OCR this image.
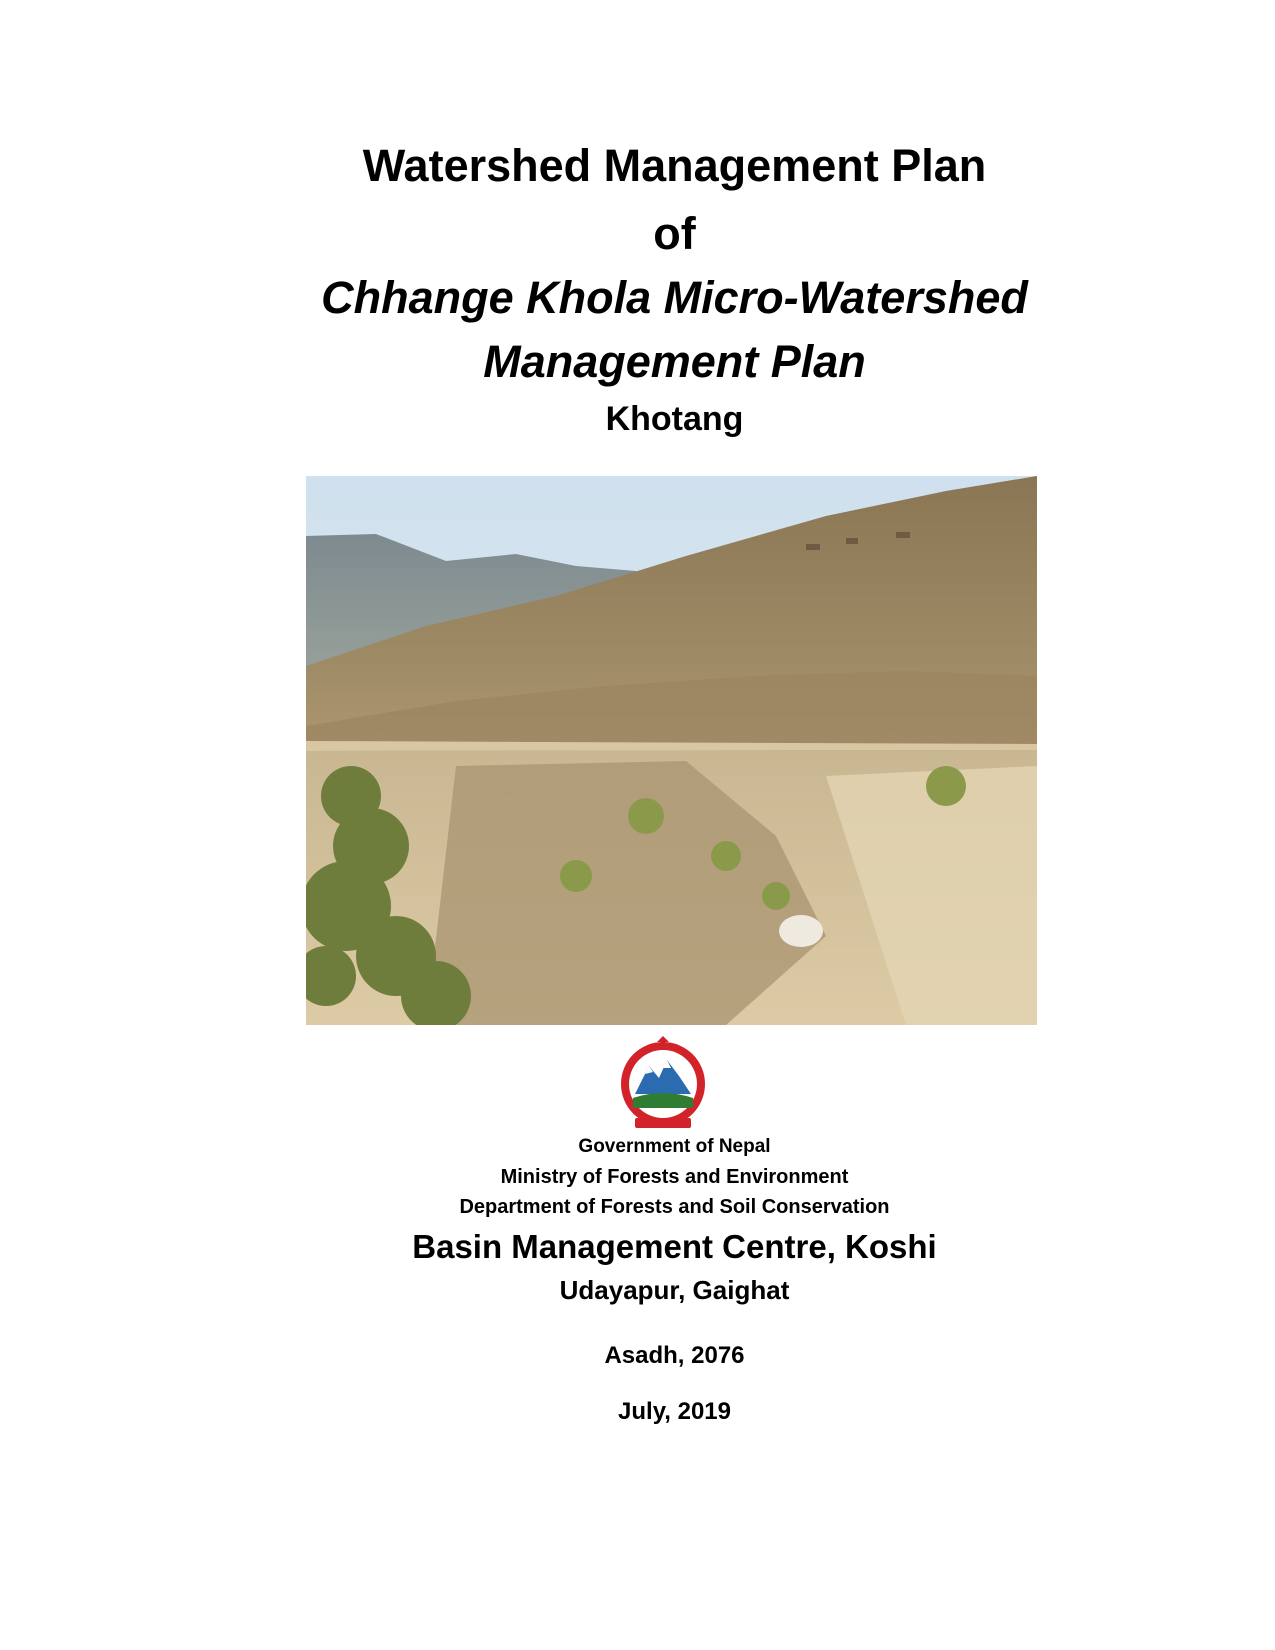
Watershed Management Plan
of
Chhange Khola Micro-Watershed
Management Plan
Khotang
Government of Nepal
Ministry of Forests and Environment
Department of Forests and Soil Conservation
Basin Management Centre, Koshi
Udayapur, Gaighat
Asadh, 2076
July, 2019
